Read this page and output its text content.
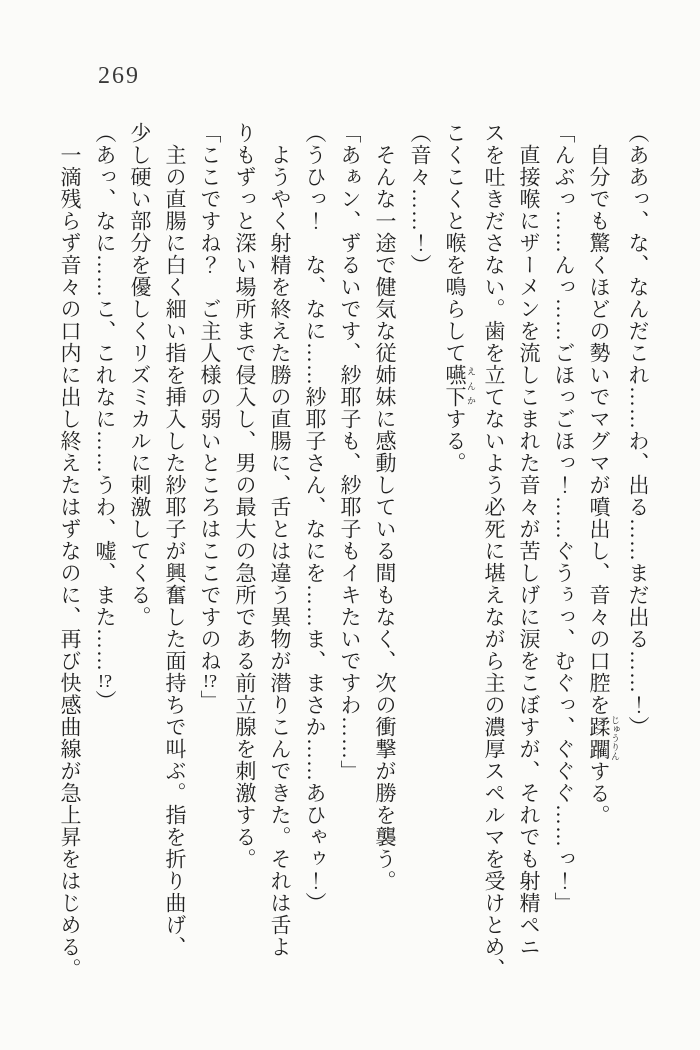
269

（ああっ、な、なんだこれ……わ、出る……まだ出る……！）

自分でも驚くほどの勢いでマグマが噴出し、音々の口腔を蹂躙 じゅうりんする。

「んぶっ……んっ……ごほっごほっ！……ぐうぅっ、むぐっ、ぐぐぐ……っ！」

直接喉にザーメンを流しこまれた音々が苦しげに涙をこぼすが、それでも射精ペニ

スを吐きださない。歯を立てないよう必死に堪えながら主の濃厚スペルマを受けとめ、

こくこくと喉を鳴らして嚥下 えんかする。

（音々……！）

そんな一途で健気な従姉妹に感動している間もなく、次の衝撃が勝を襲う。

「あぁン、ずるいです、紗耶子も、紗耶子もイキたいですわ……」

（うひっ！　な、なに……紗耶子さん、なにを……ま、まさか……あひゃゥ！）

ようやく射精を終えた勝の直腸に、舌とは違う異物が潜りこんできた。それは舌よ

りもずっと深い場所まで侵入し、男の最大の急所である前立腺を刺激する。

「ここですね？　ご主人様の弱いところはここですのね!?」

主の直腸に白く細い指を挿入した紗耶子が興奮した面持ちで叫ぶ。指を折り曲げ、

少し硬い部分を優しくリズミカルに刺激してくる。

（あっ、なに……こ、これなに……うわ、嘘、また……!?）

一滴残らず音々の口内に出し終えたはずなのに、再び快感曲線が急上昇をはじめる。
